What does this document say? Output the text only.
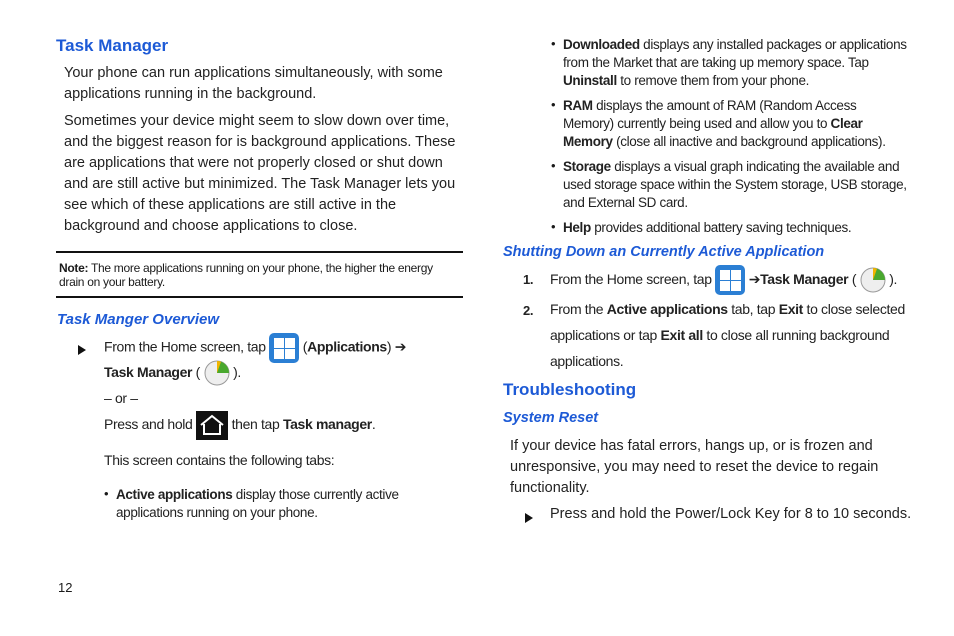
Task Manager
Your phone can run applications simultaneously, with some applications running in the background.
Sometimes your device might seem to slow down over time, and the biggest reason for is background applications. These are applications that were not properly closed or shut down and are still active but minimized. The Task Manager lets you see which of these applications are still active in the background and choose applications to close.
Note: The more applications running on your phone, the higher the energy drain on your battery.
Task Manger Overview
From the Home screen, tap
(Applications) ➔
Task Manager (  ).
– or –
Press and hold	then tap Task manager.
This screen contains the following tabs:
• Active applications display those currently active applications running on your phone.
• Downloaded displays any installed packages or applications from the Market that are taking up memory space. Tap Uninstall to remove them from your phone.
• RAM displays the amount of RAM (Random Access Memory) currently being used and allow you to Clear Memory (close all inactive and background applications).
• Storage displays a visual graph indicating the available and used storage space within the System storage, USB storage, and External SD card.
• Help provides additional battery saving techniques.
Shutting Down an Currently Active Application
1. From the Home screen, tap	➔Task Manager (  ).
2. From the Active applications tab, tap Exit to close selected applications or tap Exit all to close all running background applications.
Troubleshooting
System Reset
If your device has fatal errors, hangs up, or is frozen and unresponsive, you may need to reset the device to regain functionality.
Press and hold the Power/Lock Key for 8 to 10 seconds.
12
